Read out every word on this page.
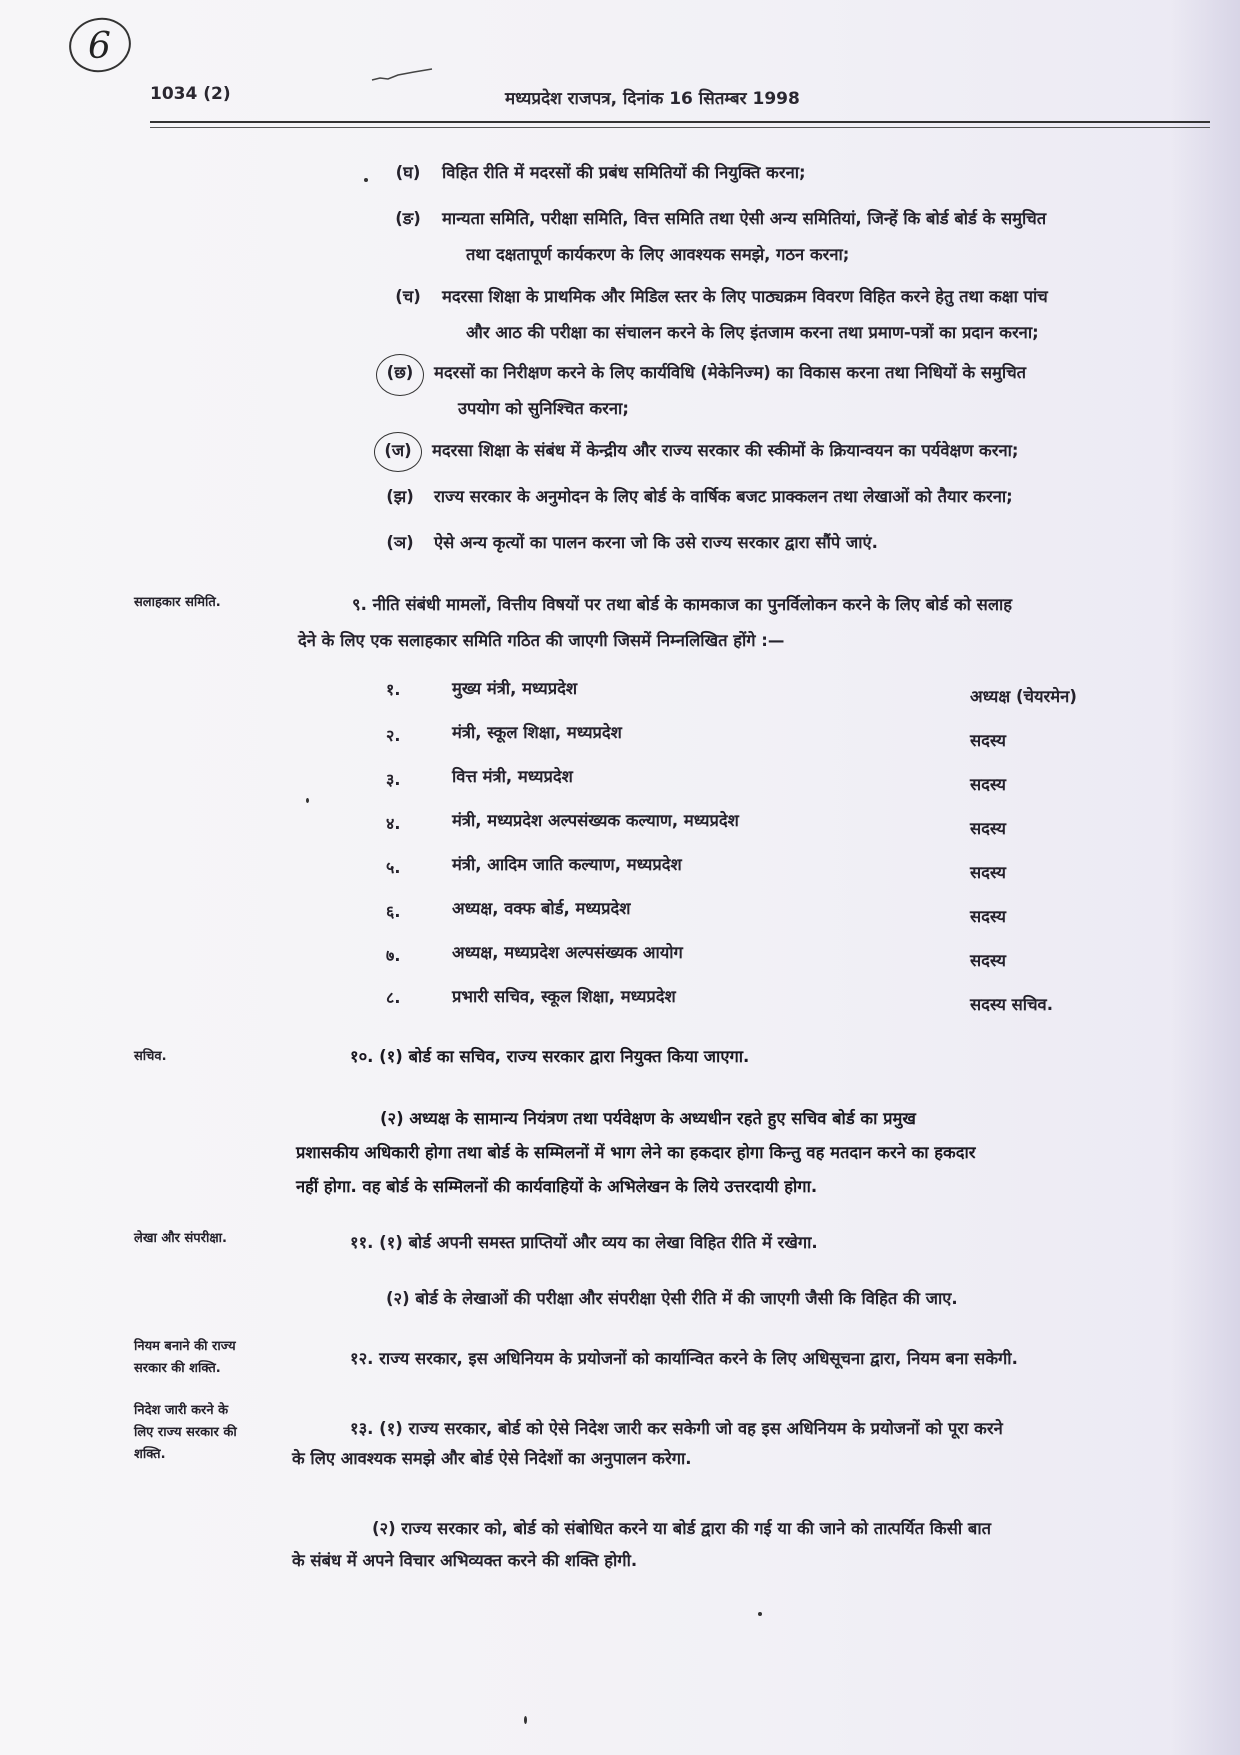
6
1034 (2)	मध्यप्रदेश राजपत्र, दिनांक 16 सितम्बर 1998
(घ)	विहित रीति में मदरसों की प्रबंध समितियों की नियुक्ति करना;
(ङ)	मान्यता समिति, परीक्षा समिति, वित्त समिति तथा ऐसी अन्य समितियां, जिन्हें कि बोर्ड बोर्ड के समुचित
तथा दक्षतापूर्ण कार्यकरण के लिए आवश्यक समझे, गठन करना;
(च)	मदरसा शिक्षा के प्राथमिक और मिडिल स्तर के लिए पाठ्यक्रम विवरण विहित करने हेतु तथा कक्षा पांच
और आठ की परीक्षा का संचालन करने के लिए इंतजाम करना तथा प्रमाण-पत्रों का प्रदान करना;
(छ)	मदरसों का निरीक्षण करने के लिए कार्यविधि (मेकेनिज्म) का विकास करना तथा निधियों के समुचित
उपयोग को सुनिश्चित करना;
(ज)	मदरसा शिक्षा के संबंध में केन्द्रीय और राज्य सरकार की स्कीमों के क्रियान्वयन का पर्यवेक्षण करना;
(झ)	राज्य सरकार के अनुमोदन के लिए बोर्ड के वार्षिक बजट प्राक्कलन तथा लेखाओं को तैयार करना;
(ञ)	ऐसे अन्य कृत्यों का पालन करना जो कि उसे राज्य सरकार द्वारा सौंपे जाएं.
सलाहकार समिति.	९. नीति संबंधी मामलों, वित्तीय विषयों पर तथा बोर्ड के कामकाज का पुनर्विलोकन करने के लिए बोर्ड को सलाह
देने के लिए एक सलाहकार समिति गठित की जाएगी जिसमें निम्नलिखित होंगे :—
१.	मुख्य मंत्री, मध्यप्रदेश	अध्यक्ष (चेयरमेन)
२.	मंत्री, स्कूल शिक्षा, मध्यप्रदेश	सदस्य
३.	वित्त मंत्री, मध्यप्रदेश	सदस्य
४.	मंत्री, मध्यप्रदेश अल्पसंख्यक कल्याण, मध्यप्रदेश	सदस्य
५.	मंत्री, आदिम जाति कल्याण, मध्यप्रदेश	सदस्य
६.	अध्यक्ष, वक्फ बोर्ड, मध्यप्रदेश	सदस्य
७.	अध्यक्ष, मध्यप्रदेश अल्पसंख्यक आयोग	सदस्य
८.	प्रभारी सचिव, स्कूल शिक्षा, मध्यप्रदेश	सदस्य सचिव.
सचिव.	१०. (१) बोर्ड का सचिव, राज्य सरकार द्वारा नियुक्त किया जाएगा.
(२) अध्यक्ष के सामान्य नियंत्रण तथा पर्यवेक्षण के अध्यधीन रहते हुए सचिव बोर्ड का प्रमुख
प्रशासकीय अधिकारी होगा तथा बोर्ड के सम्मिलनों में भाग लेने का हकदार होगा किन्तु वह मतदान करने का हकदार
नहीं होगा. वह बोर्ड के सम्मिलनों की कार्यवाहियों के अभिलेखन के लिये उत्तरदायी होगा.
लेखा और संपरीक्षा.	११. (१) बोर्ड अपनी समस्त प्राप्तियों और व्यय का लेखा विहित रीति में रखेगा.
(२) बोर्ड के लेखाओं की परीक्षा और संपरीक्षा ऐसी रीति में की जाएगी जैसी कि विहित की जाए.
नियम बनाने की राज्य
सरकार की शक्ति.
१२. राज्य सरकार, इस अधिनियम के प्रयोजनों को कार्यान्वित करने के लिए अधिसूचना द्वारा, नियम बना सकेगी.
निदेश जारी करने के
लिए राज्य सरकार की
शक्ति.
१३. (१) राज्य सरकार, बोर्ड को ऐसे निदेश जारी कर सकेगी जो वह इस अधिनियम के प्रयोजनों को पूरा करने
के लिए आवश्यक समझे और बोर्ड ऐसे निदेशों का अनुपालन करेगा.
(२) राज्य सरकार को, बोर्ड को संबोधित करने या बोर्ड द्वारा की गई या की जाने को तात्पर्यित किसी बात
के संबंध में अपने विचार अभिव्यक्त करने की शक्ति होगी.
